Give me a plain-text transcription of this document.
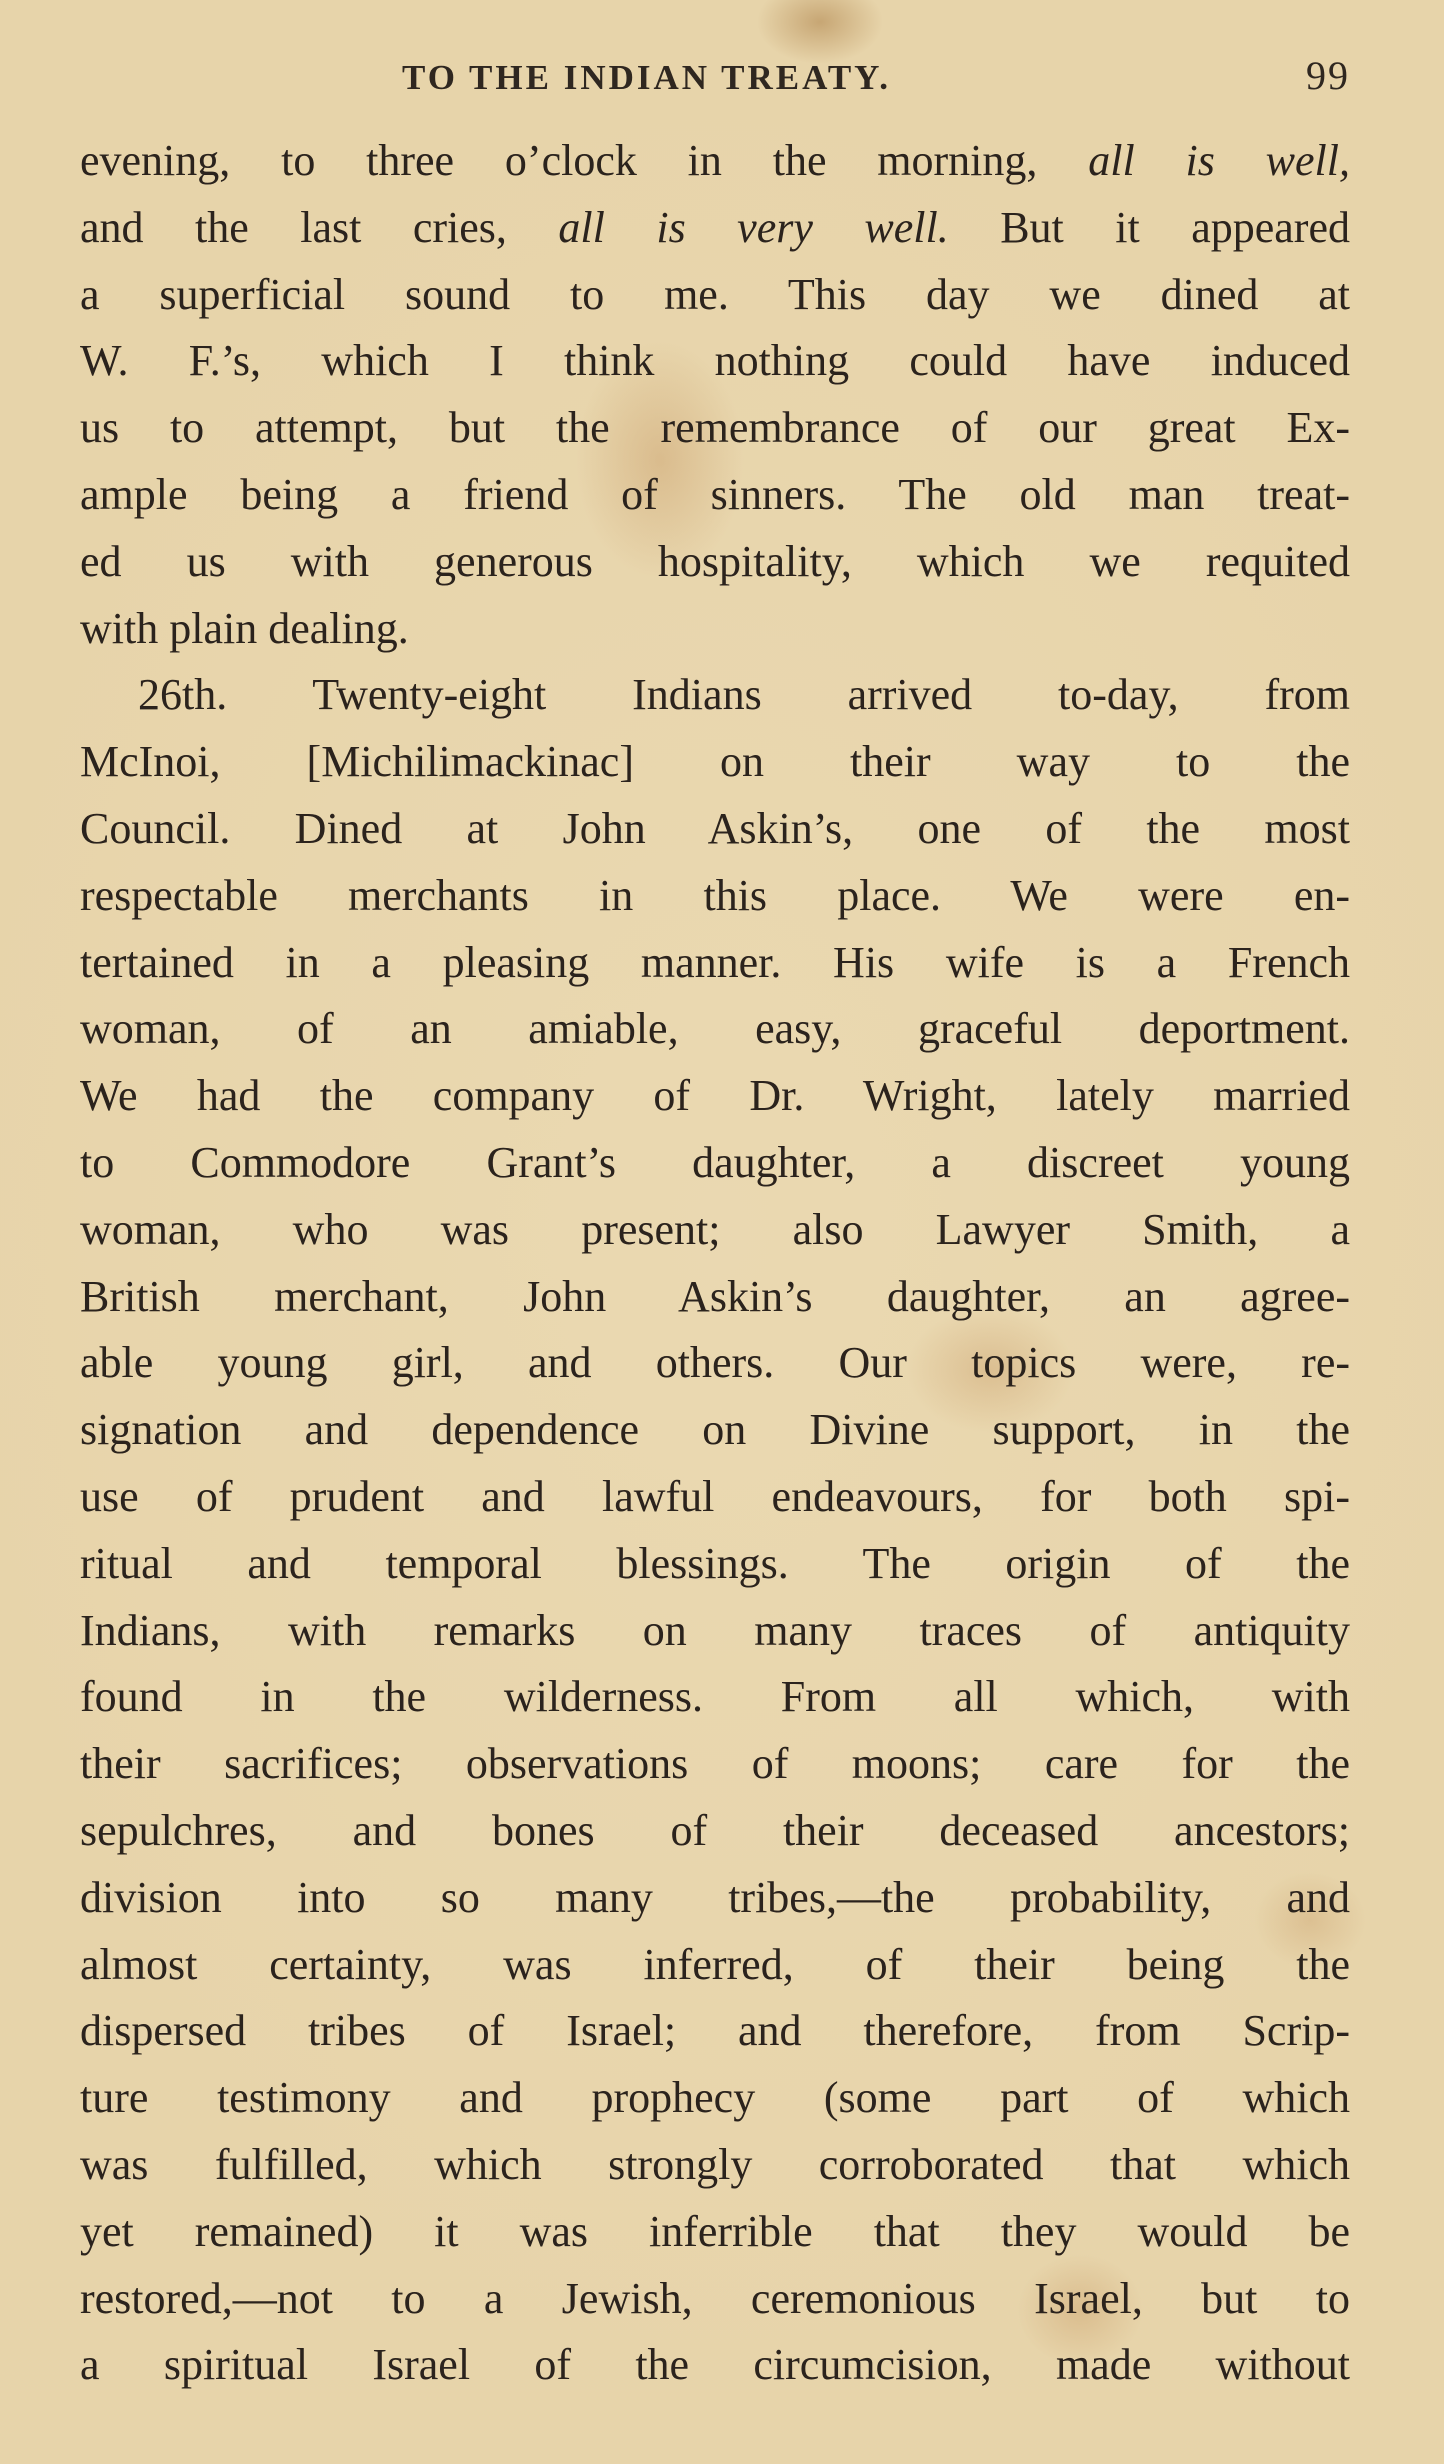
TO THE INDIAN TREATY.	99
evening, to three o’clock in the morning, all is well,
and the last cries, all is very well. But it appeared
a superficial sound to me. This day we dined at
W. F.’s, which I think nothing could have induced
us to attempt, but the remembrance of our great Ex-
ample being a friend of sinners. The old man treat-
ed us with generous hospitality, which we requited
with plain dealing.
26th. Twenty-eight Indians arrived to-day, from
McInoi, [Michilimackinac] on their way to the
Council. Dined at John Askin’s, one of the most
respectable merchants in this place. We were en-
tertained in a pleasing manner. His wife is a French
woman, of an amiable, easy, graceful deportment.
We had the company of Dr. Wright, lately married
to Commodore Grant’s daughter, a discreet young
woman, who was present; also Lawyer Smith, a
British merchant, John Askin’s daughter, an agree-
able young girl, and others. Our topics were, re-
signation and dependence on Divine support, in the
use of prudent and lawful endeavours, for both spi-
ritual and temporal blessings. The origin of the
Indians, with remarks on many traces of antiquity
found in the wilderness. From all which, with
their sacrifices; observations of moons; care for the
sepulchres, and bones of their deceased ancestors;
division into so many tribes,—the probability, and
almost certainty, was inferred, of their being the
dispersed tribes of Israel; and therefore, from Scrip-
ture testimony and prophecy (some part of which
was fulfilled, which strongly corroborated that which
yet remained) it was inferrible that they would be
restored,—not to a Jewish, ceremonious Israel, but to
a spiritual Israel of the circumcision, made without
